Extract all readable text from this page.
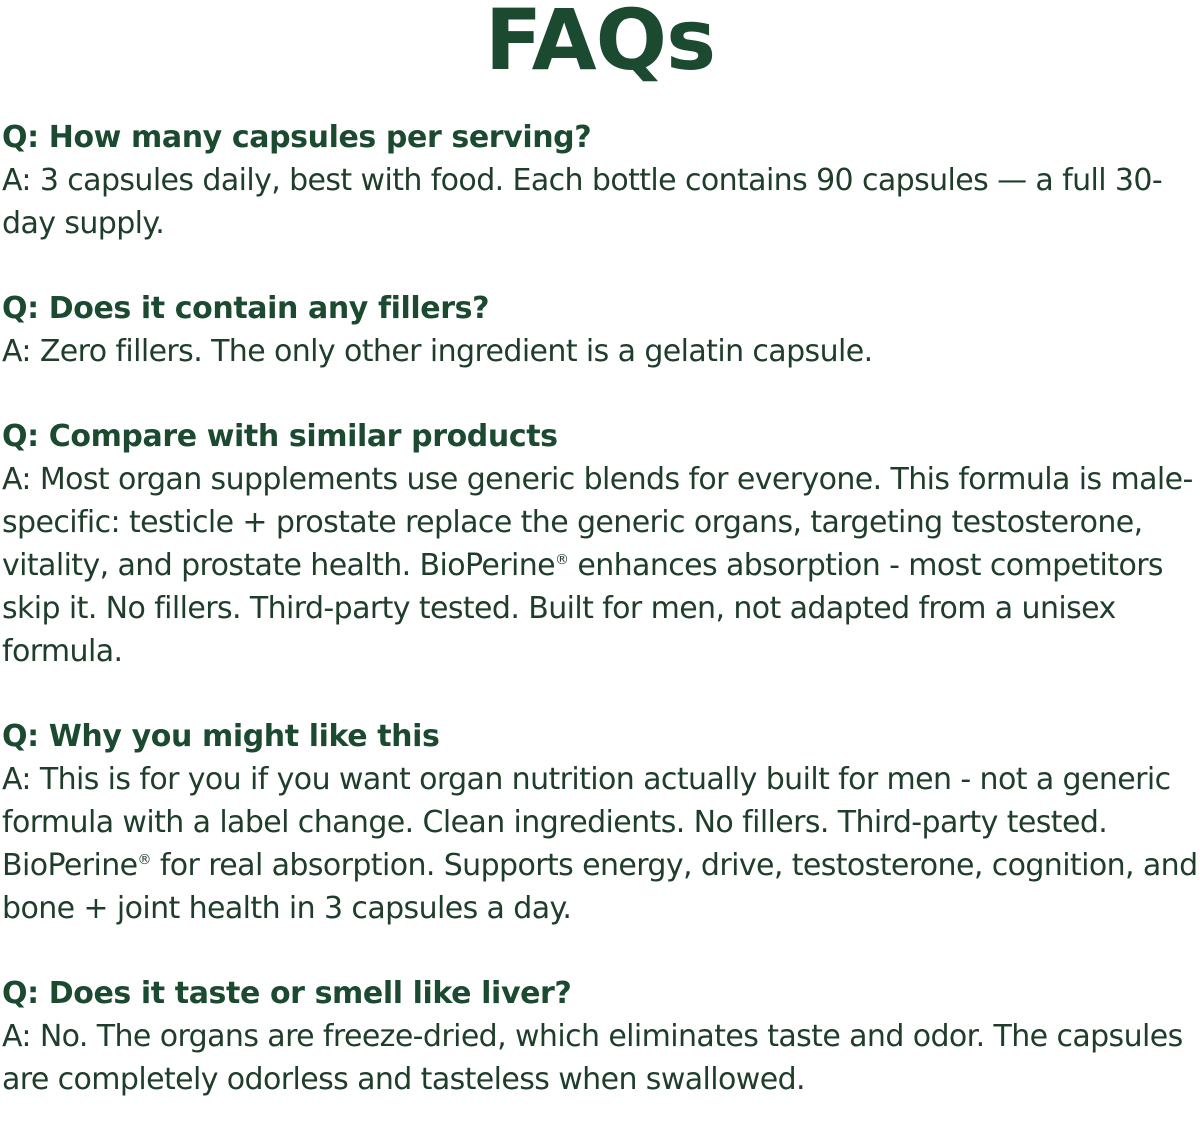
FAQs
Q: How many capsules per serving?
A: 3 capsules daily, best with food. Each bottle contains 90 capsules — a full 30-day supply.
Q: Does it contain any fillers?
A: Zero fillers. The only other ingredient is a gelatin capsule.
Q: Compare with similar products
A: Most organ supplements use generic blends for everyone. This formula is male-specific: testicle + prostate replace the generic organs, targeting testosterone, vitality, and prostate health. BioPerine® enhances absorption - most competitors skip it. No fillers. Third-party tested. Built for men, not adapted from a unisex formula.
Q: Why you might like this
A: This is for you if you want organ nutrition actually built for men - not a generic formula with a label change. Clean ingredients. No fillers. Third-party tested. BioPerine® for real absorption. Supports energy, drive, testosterone, cognition, and bone + joint health in 3 capsules a day.
Q: Does it taste or smell like liver?
A: No. The organs are freeze-dried, which eliminates taste and odor. The capsules are completely odorless and tasteless when swallowed.
